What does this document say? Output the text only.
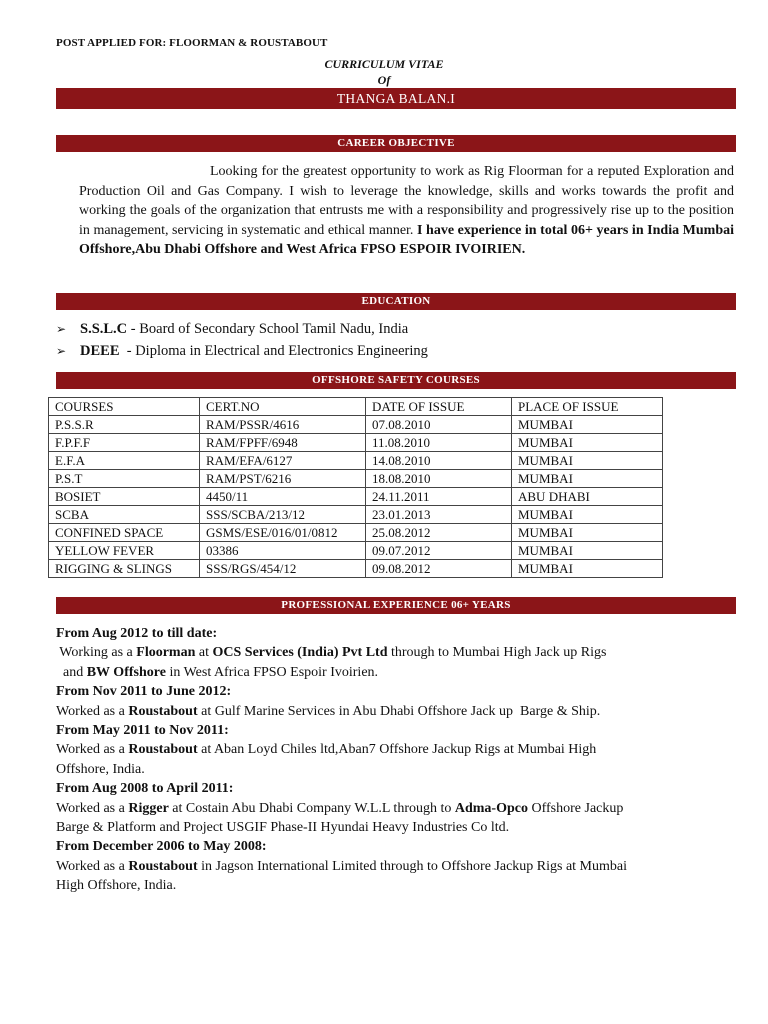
POST APPLIED FOR: FLOORMAN & ROUSTABOUT
CURRICULUM VITAE
Of
THANGA BALAN.I
CAREER OBJECTIVE
Looking for the greatest opportunity to work as Rig Floorman for a reputed Exploration and Production Oil and Gas Company. I wish to leverage the knowledge, skills and works towards the profit and working the goals of the organization that entrusts me with a responsibility and progressively rise up to the position in management, servicing in systematic and ethical manner. I have experience in total 06+ years in India Mumbai Offshore,Abu Dhabi Offshore and West Africa FPSO ESPOIR IVOIRIEN.
EDUCATION
➢ S.S.L.C - Board of Secondary School Tamil Nadu, India
➢ DEEE  - Diploma in Electrical and Electronics Engineering
OFFSHORE SAFETY COURSES
COURSES	CERT.NO	DATE OF ISSUE	PLACE OF ISSUE
P.S.S.R	RAM/PSSR/4616	07.08.2010	MUMBAI
F.P.F.F	RAM/FPFF/6948	11.08.2010	MUMBAI
E.F.A	RAM/EFA/6127	14.08.2010	MUMBAI
P.S.T	RAM/PST/6216	18.08.2010	MUMBAI
BOSIET	4450/11	24.11.2011	ABU DHABI
SCBA	SSS/SCBA/213/12	23.01.2013	MUMBAI
CONFINED SPACE	GSMS/ESE/016/01/0812	25.08.2012	MUMBAI
YELLOW FEVER	03386	09.07.2012	MUMBAI
RIGGING & SLINGS	SSS/RGS/454/12	09.08.2012	MUMBAI
PROFESSIONAL EXPERIENCE 06+ YEARS
From Aug 2012 to till date:
Working as a Floorman at OCS Services (India) Pvt Ltd through to Mumbai High Jack up Rigs
and BW Offshore in West Africa FPSO Espoir Ivoirien.
From Nov 2011 to June 2012:
Worked as a Roustabout at Gulf Marine Services in Abu Dhabi Offshore Jack up  Barge & Ship.
From May 2011 to Nov 2011:
Worked as a Roustabout at Aban Loyd Chiles ltd,Aban7 Offshore Jackup Rigs at Mumbai High
Offshore, India.
From Aug 2008 to April 2011:
Worked as a Rigger at Costain Abu Dhabi Company W.L.L through to Adma-Opco Offshore Jackup
Barge & Platform and Project USGIF Phase-II Hyundai Heavy Industries Co ltd.
From December 2006 to May 2008:
Worked as a Roustabout in Jagson International Limited through to Offshore Jackup Rigs at Mumbai
High Offshore, India.
